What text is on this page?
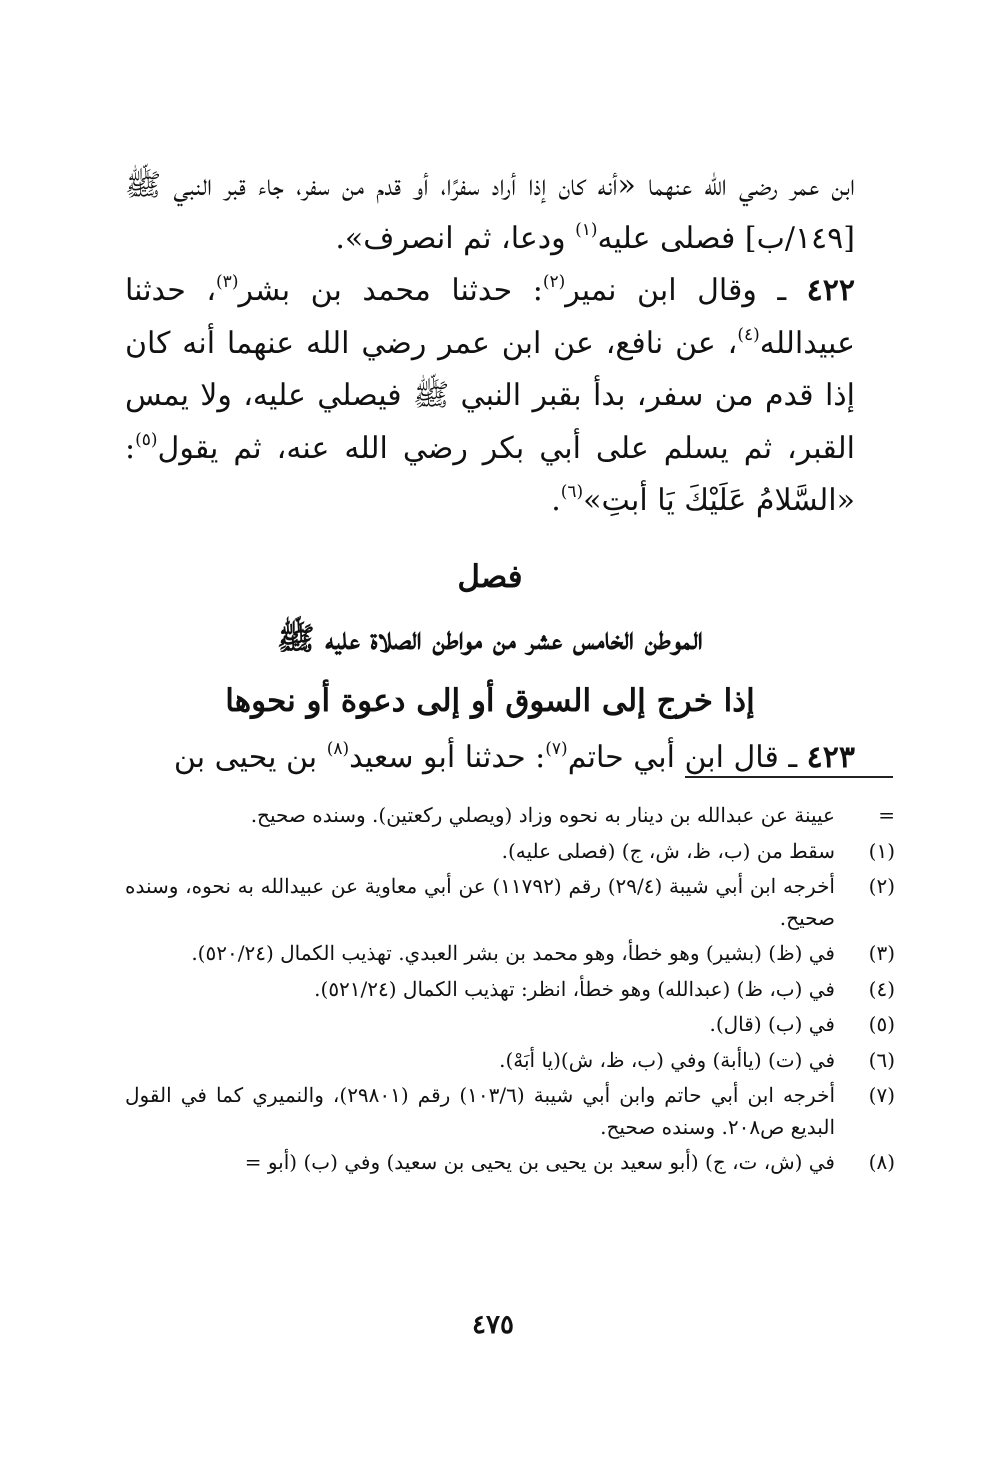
ابن عمر رضي الله عنهما «أنه كان إذا أراد سفرًا، أو قدم من سفر، جاء قبر النبي ﷺ [١٤٩/ب] فصلى عليه$^{(١)}$ ودعا، ثم انصرف».

٤٢٢ ـ وقال ابن نمير$^{(٢)}$: حدثنا محمد بن بشر$^{(٣)}$، حدثنا عبيدالله$^{(٤)}$، عن نافع، عن ابن عمر رضي الله عنهما أنه كان إذا قدم من سفر، بدأ بقبر النبي ﷺ فيصلي عليه، ولا يمس القبر، ثم يسلم على أبي بكر رضي الله عنه، ثم يقول$^{(٥)}$: «السَّلامُ عَلَيْكَ يَا أبتِ»$^{(٦)}$.

فصل

الموطن الخامس عشر من مواطن الصلاة عليه ﷺ

إذا خرج إلى السوق أو إلى دعوة أو نحوها

٤٢٣ ـ قال ابن أبي حاتم$^{(٧)}$: حدثنا أبو سعيد$^{(٨)}$ بن يحيى بن

=
عيينة عن عبدالله بن دينار به نحوه وزاد (ويصلي ركعتين). وسنده صحيح.
(١)
سقط من (ب، ظ، ش، ج) (فصلى عليه).
(٢)
أخرجه ابن أبي شيبة (٢٩/٤) رقم (١١٧٩٢) عن أبي معاوية عن عبيدالله به نحوه، وسنده صحيح.
(٣)
في (ظ) (بشير) وهو خطأ، وهو محمد بن بشر العبدي. تهذيب الكمال (٥٢٠/٢٤).
(٤)
في (ب، ظ) (عبدالله) وهو خطأ، انظر: تهذيب الكمال (٥٢١/٢٤).
(٥)
في (ب) (قال).
(٦)
في (ت) (ياأبة) وفي (ب، ظ، ش)(يا أبَهْ).
(٧)
أخرجه ابن أبي حاتم وابن أبي شيبة (١٠٣/٦) رقم (٢٩٨٠١)، والنميري كما في القول البديع ص٢٠٨. وسنده صحيح.
(٨)
في (ش، ت، ج) (أبو سعيد بن يحيى بن يحيى بن سعيد) وفي (ب) (أبو =
٤٧٥
